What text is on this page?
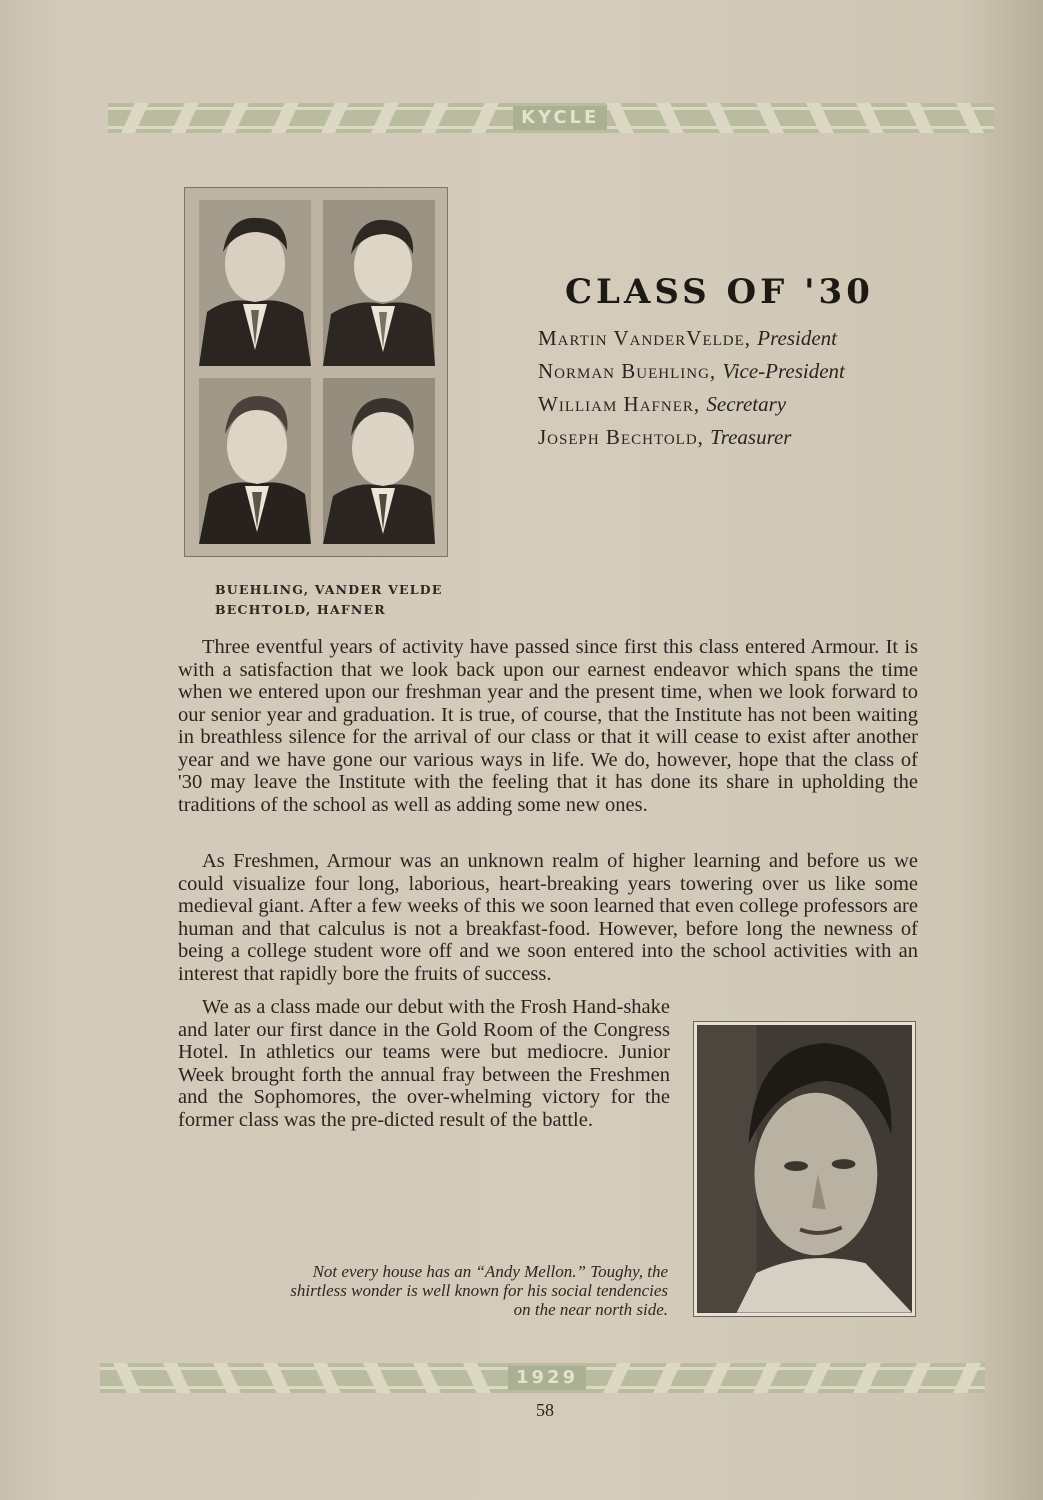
KYCLE
BUEHLING, VANDER VELDE
BECHTOLD, HAFNER
CLASS OF '30
Martin VanderVelde, President
Norman Buehling, Vice-President
William Hafner, Secretary
Joseph Bechtold, Treasurer

Three eventful years of activity have passed since first this class entered Armour. It is with a satisfaction that we look back upon our earnest endeavor which spans the time when we entered upon our freshman year and the present time, when we look forward to our senior year and graduation. It is true, of course, that the Institute has not been waiting in breathless silence for the arrival of our class or that it will cease to exist after another year and we have gone our various ways in life. We do, however, hope that the class of '30 may leave the Institute with the feeling that it has done its share in upholding the traditions of the school as well as adding some new ones.

As Freshmen, Armour was an unknown realm of higher learning and before us we could visualize four long, laborious, heart-breaking years towering over us like some medieval giant. After a few weeks of this we soon learned that even college professors are human and that calculus is not a breakfast-food. However, before long the newness of being a college student wore off and we soon entered into the school activities with an interest that rapidly bore the fruits of success.

We as a class made our debut with the Frosh Hand-shake and later our first dance in the Gold Room of the Congress Hotel. In athletics our teams were but mediocre. Junior Week brought forth the annual fray between the Freshmen and the Sophomores, the over-whelming victory for the former class was the pre-dicted result of the battle.

Not every house has an “Andy Mellon.” Toughy, the shirtless wonder is well known for his social tendencies on the near north side.
1929
58
